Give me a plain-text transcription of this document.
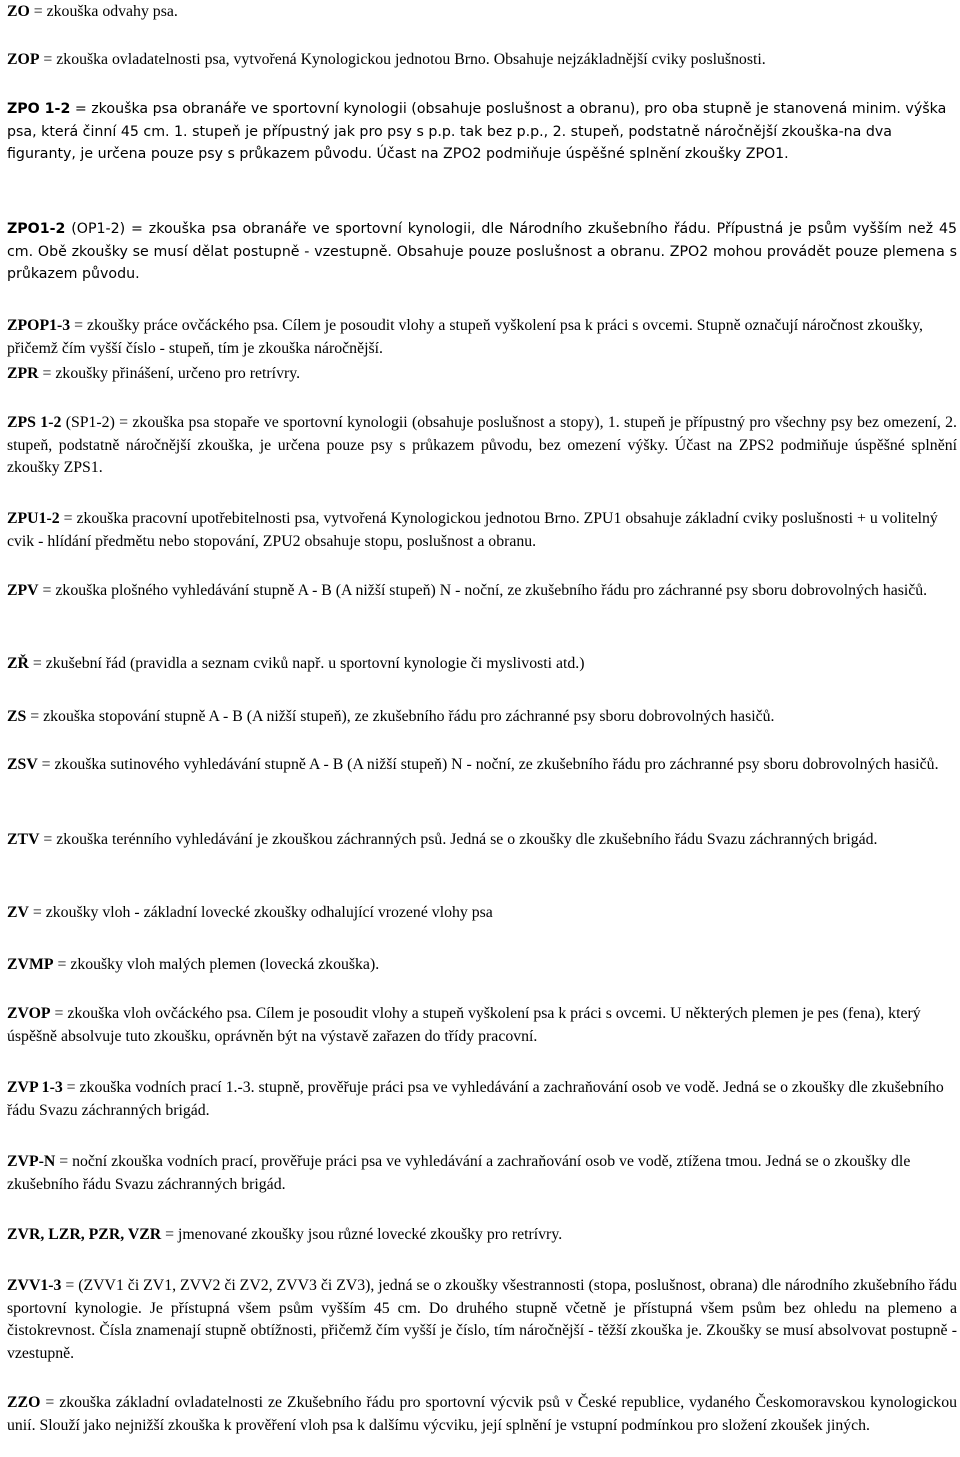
ZO = zkouška odvahy psa.

ZOP = zkouška ovladatelnosti psa, vytvořená Kynologickou jednotou Brno. Obsahuje nejzákladnější cviky poslušnosti.

ZPO 1-2 = zkouška psa obranáře ve sportovní kynologii (obsahuje poslušnost a obranu), pro oba stupně je stanovená minim. výška psa, která činní 45 cm. 1. stupeň je přípustný jak pro psy s p.p. tak bez p.p., 2. stupeň, podstatně náročnější zkouška-na dva figuranty, je určena pouze psy s průkazem původu. Účast na ZPO2 podmiňuje úspěšné splnění zkoušky ZPO1.

ZPO1-2 (OP1-2) = zkouška psa obranáře ve sportovní kynologii, dle Národního zkušebního řádu. Přípustná je psům vyšším než 45 cm. Obě zkoušky se musí dělat postupně - vzestupně. Obsahuje pouze poslušnost a obranu. ZPO2 mohou provádět pouze plemena s průkazem původu.

ZPOP1-3 = zkoušky práce ovčáckého psa. Cílem je posoudit vlohy a stupeň vyškolení psa k práci s ovcemi. Stupně označují náročnost zkoušky, přičemž čím vyšší číslo - stupeň, tím je zkouška náročnější.

ZPR = zkoušky přinášení, určeno pro retrívry.

ZPS 1-2 (SP1-2) = zkouška psa stopaře ve sportovní kynologii (obsahuje poslušnost a stopy), 1. stupeň je přípustný pro všechny psy bez omezení, 2. stupeň, podstatně náročnější zkouška, je určena pouze psy s průkazem původu, bez omezení výšky. Účast na ZPS2 podmiňuje úspěšné splnění zkoušky ZPS1.

ZPU1-2 = zkouška pracovní upotřebitelnosti psa, vytvořená Kynologickou jednotou Brno. ZPU1 obsahuje základní cviky poslušnosti + u volitelný cvik - hlídání předmětu nebo stopování, ZPU2 obsahuje stopu, poslušnost a obranu.

ZPV = zkouška plošného vyhledávání stupně A - B (A nižší stupeň) N - noční, ze zkušebního řádu pro záchranné psy sboru dobrovolných hasičů.

ZŘ = zkušební řád (pravidla a seznam cviků např. u sportovní kynologie či myslivosti atd.)

ZS = zkouška stopování stupně A - B (A nižší stupeň), ze zkušebního řádu pro záchranné psy sboru dobrovolných hasičů.

ZSV = zkouška sutinového vyhledávání stupně A - B (A nižší stupeň) N - noční, ze zkušebního řádu pro záchranné psy sboru dobrovolných hasičů.

ZTV = zkouška terénního vyhledávání je zkouškou záchranných psů. Jedná se o zkoušky dle zkušebního řádu Svazu záchranných brigád.

ZV = zkoušky vloh - základní lovecké zkoušky odhalující vrozené vlohy psa

ZVMP = zkoušky vloh malých plemen (lovecká zkouška).

ZVOP = zkouška vloh ovčáckého psa. Cílem je posoudit vlohy a stupeň vyškolení psa k práci s ovcemi. U některých plemen je pes (fena), který úspěšně absolvuje tuto zkoušku, oprávněn být na výstavě zařazen do třídy pracovní.

ZVP 1-3 = zkouška vodních prací 1.-3. stupně, prověřuje práci psa ve vyhledávání a zachraňování osob ve vodě. Jedná se o zkoušky dle zkušebního řádu Svazu záchranných brigád.

ZVP-N = noční zkouška vodních prací, prověřuje práci psa ve vyhledávání a zachraňování osob ve vodě, ztížena tmou. Jedná se o zkoušky dle zkušebního řádu Svazu záchranných brigád.

ZVR, LZR, PZR, VZR = jmenované zkoušky jsou různé lovecké zkoušky pro retrívry.

ZVV1-3 = (ZVV1 či ZV1, ZVV2 či ZV2, ZVV3 či ZV3), jedná se o zkoušky všestrannosti (stopa, poslušnost, obrana) dle národního zkušebního řádu sportovní kynologie. Je přístupná všem psům vyšším 45 cm. Do druhého stupně včetně je přístupná všem psům bez ohledu na plemeno a čistokrevnost. Čísla znamenají stupně obtížnosti, přičemž čím vyšší je číslo, tím náročnější - těžší zkouška je. Zkoušky se musí absolvovat postupně - vzestupně.

ZZO = zkouška základní ovladatelnosti ze Zkušebního řádu pro sportovní výcvik psů v České republice, vydaného Českomoravskou kynologickou unií. Slouží jako nejnižší zkouška k prověření vloh psa k dalšímu výcviku, její splnění je vstupní podmínkou pro složení zkoušek jiných.
